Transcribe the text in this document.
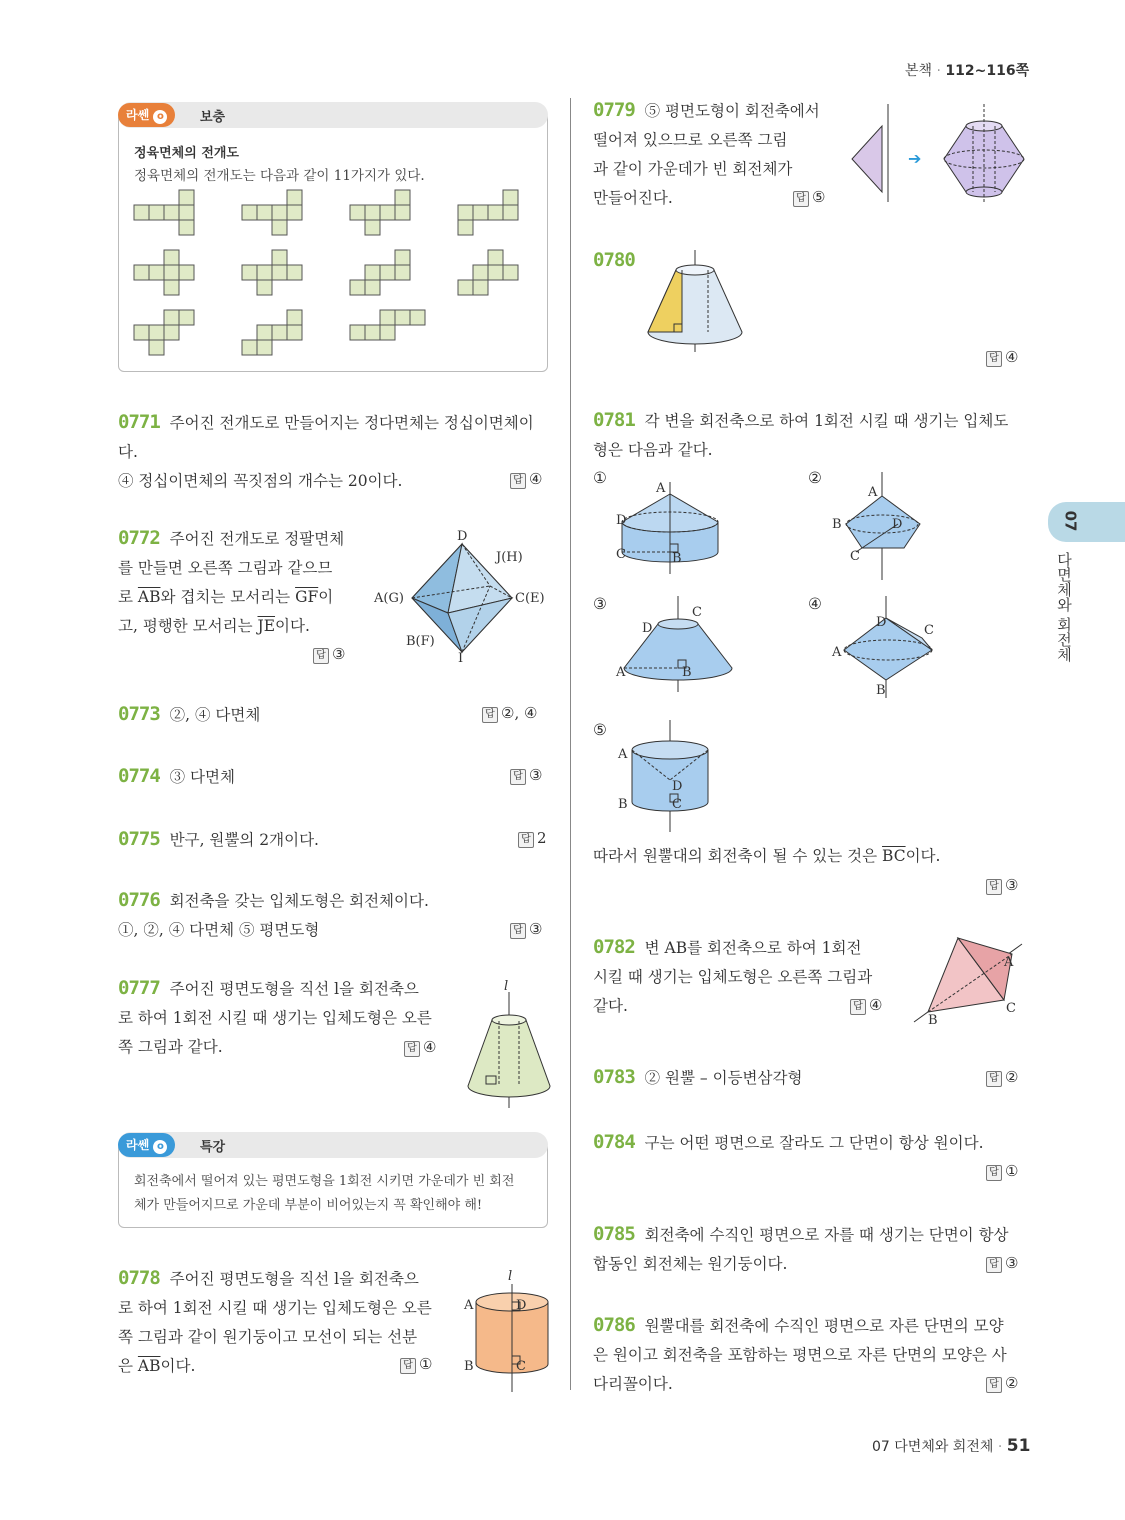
본책 · 112~116쪽
07
다면체와 회전체
라쎈 o	보충
정육면체의 전개도
정육면체의 전개도는 다음과 같이 11가지가 있다.
0771 주어진 전개도로 만들어지는 정다면체는 정십이면체이
다.
④ 정십이면체의 꼭짓점의 개수는 20이다.	답 ④
0772 주어진 전개도로 정팔면체
를 만들면 오른쪽 그림과 같으므
로 $\overline{AB}$와 겹치는 모서리는 $\overline{GF}$이
고, 평행한 모서리는 $\overline{JE}$이다.
답 ③
D
J(H)
A(G)	C(E)
B(F)
I
0773 ②, ④ 다면체	답 ②, ④
0774 ③ 다면체	답 ③
0775 반구, 원뿔의 2개이다.	답 2
0776 회전축을 갖는 입체도형은 회전체이다.
①, ②, ④ 다면체 ⑤ 평면도형	답 ③
0777 주어진 평면도형을 직선 l을 회전축으
로 하여 1회전 시킬 때 생기는 입체도형은 오른
쪽 그림과 같다.	답 ④
l
라쎈 o	특강
회전축에서 떨어져 있는 평면도형을 1회전 시키면 가운데가 빈 회전
체가 만들어지므로 가운데 부분이 비어있는지 꼭 확인해야 해!
0778 주어진 평면도형을 직선 l을 회전축으
로 하여 1회전 시킬 때 생기는 입체도형은 오른
쪽 그림과 같이 원기둥이고 모선이 되는 선분
은 $\overline{AB}$이다.	답 ①
l
A
B	C
D
0779 ⑤ 평면도형이 회전축에서
떨어져 있으므로 오른쪽 그림
과 같이 가운데가 빈 회전체가
만들어진다.	답 ⑤
➔
0780
답 ④
0781 각 변을 회전축으로 하여 1회전 시킬 때 생기는 입체도
형은 다음과 같다.
①
A
D
C	B
②
A
B	D
C
③
D
C
A	B
④
D
C
A
B
⑤
A
D
B	C
따라서 원뿔대의 회전축이 될 수 있는 것은 $\overline{BC}$이다.
답 ③
0782 변 AB를 회전축으로 하여 1회전
시킬 때 생기는 입체도형은 오른쪽 그림과
같다.	답 ④
A
B
C
0783 ② 원뿔 – 이등변삼각형	답 ②
0784 구는 어떤 평면으로 잘라도 그 단면이 항상 원이다.
답 ①
0785 회전축에 수직인 평면으로 자를 때 생기는 단면이 항상
합동인 회전체는 원기둥이다.	답 ③
0786 원뿔대를 회전축에 수직인 평면으로 자른 단면의 모양
은 원이고 회전축을 포함하는 평면으로 자른 단면의 모양은 사
다리꼴이다.	답 ②
07 다면체와 회전체 · 51
